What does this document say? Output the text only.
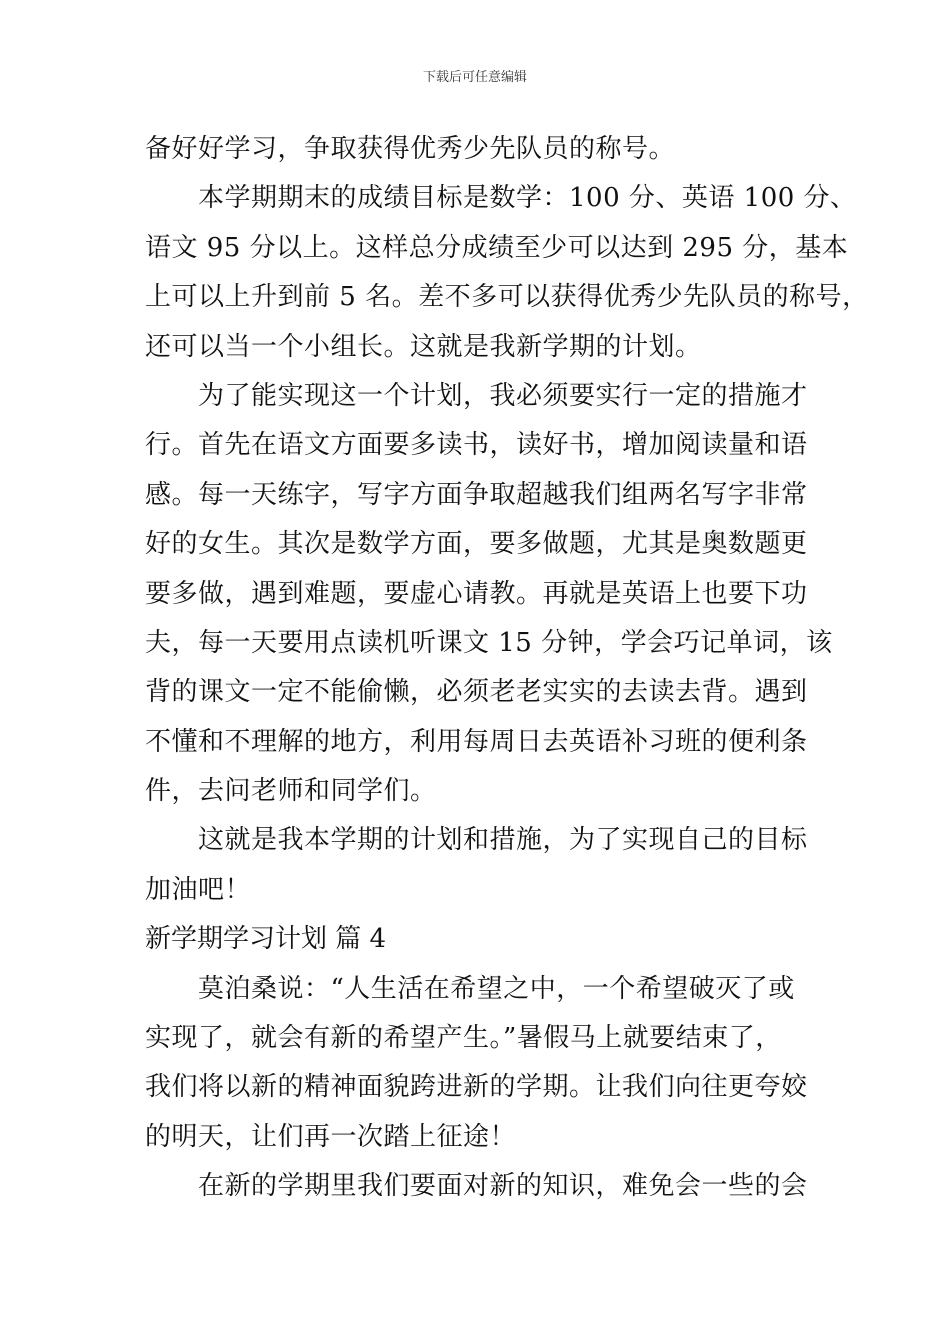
下载后可任意编辑
备好好学习，争取获得优秀少先队员的称号。
本学期期末的成绩目标是数学：100 分、英语 100 分、
语文 95 分以上。这样总分成绩至少可以达到 295 分，基本
上可以上升到前 5 名。差不多可以获得优秀少先队员的称号，
还可以当一个小组长。这就是我新学期的计划。
为了能实现这一个计划，我必须要实行一定的措施才
行。首先在语文方面要多读书，读好书，增加阅读量和语
感。每一天练字，写字方面争取超越我们组两名写字非常
好的女生。其次是数学方面，要多做题，尤其是奥数题更
要多做，遇到难题，要虚心请教。再就是英语上也要下功
夫，每一天要用点读机听课文 15 分钟，学会巧记单词，该
背的课文一定不能偷懒，必须老老实实的去读去背。遇到
不懂和不理解的地方，利用每周日去英语补习班的便利条
件，去问老师和同学们。
这就是我本学期的计划和措施，为了实现自己的目标
加油吧！
新学期学习计划 篇 4
莫泊桑说：“人生活在希望之中，一个希望破灭了或
实现了，就会有新的希望产生。”暑假马上就要结束了，
我们将以新的精神面貌跨进新的学期。让我们向往更夸姣
的明天，让们再一次踏上征途！
在新的学期里我们要面对新的知识，难免会一些的会
